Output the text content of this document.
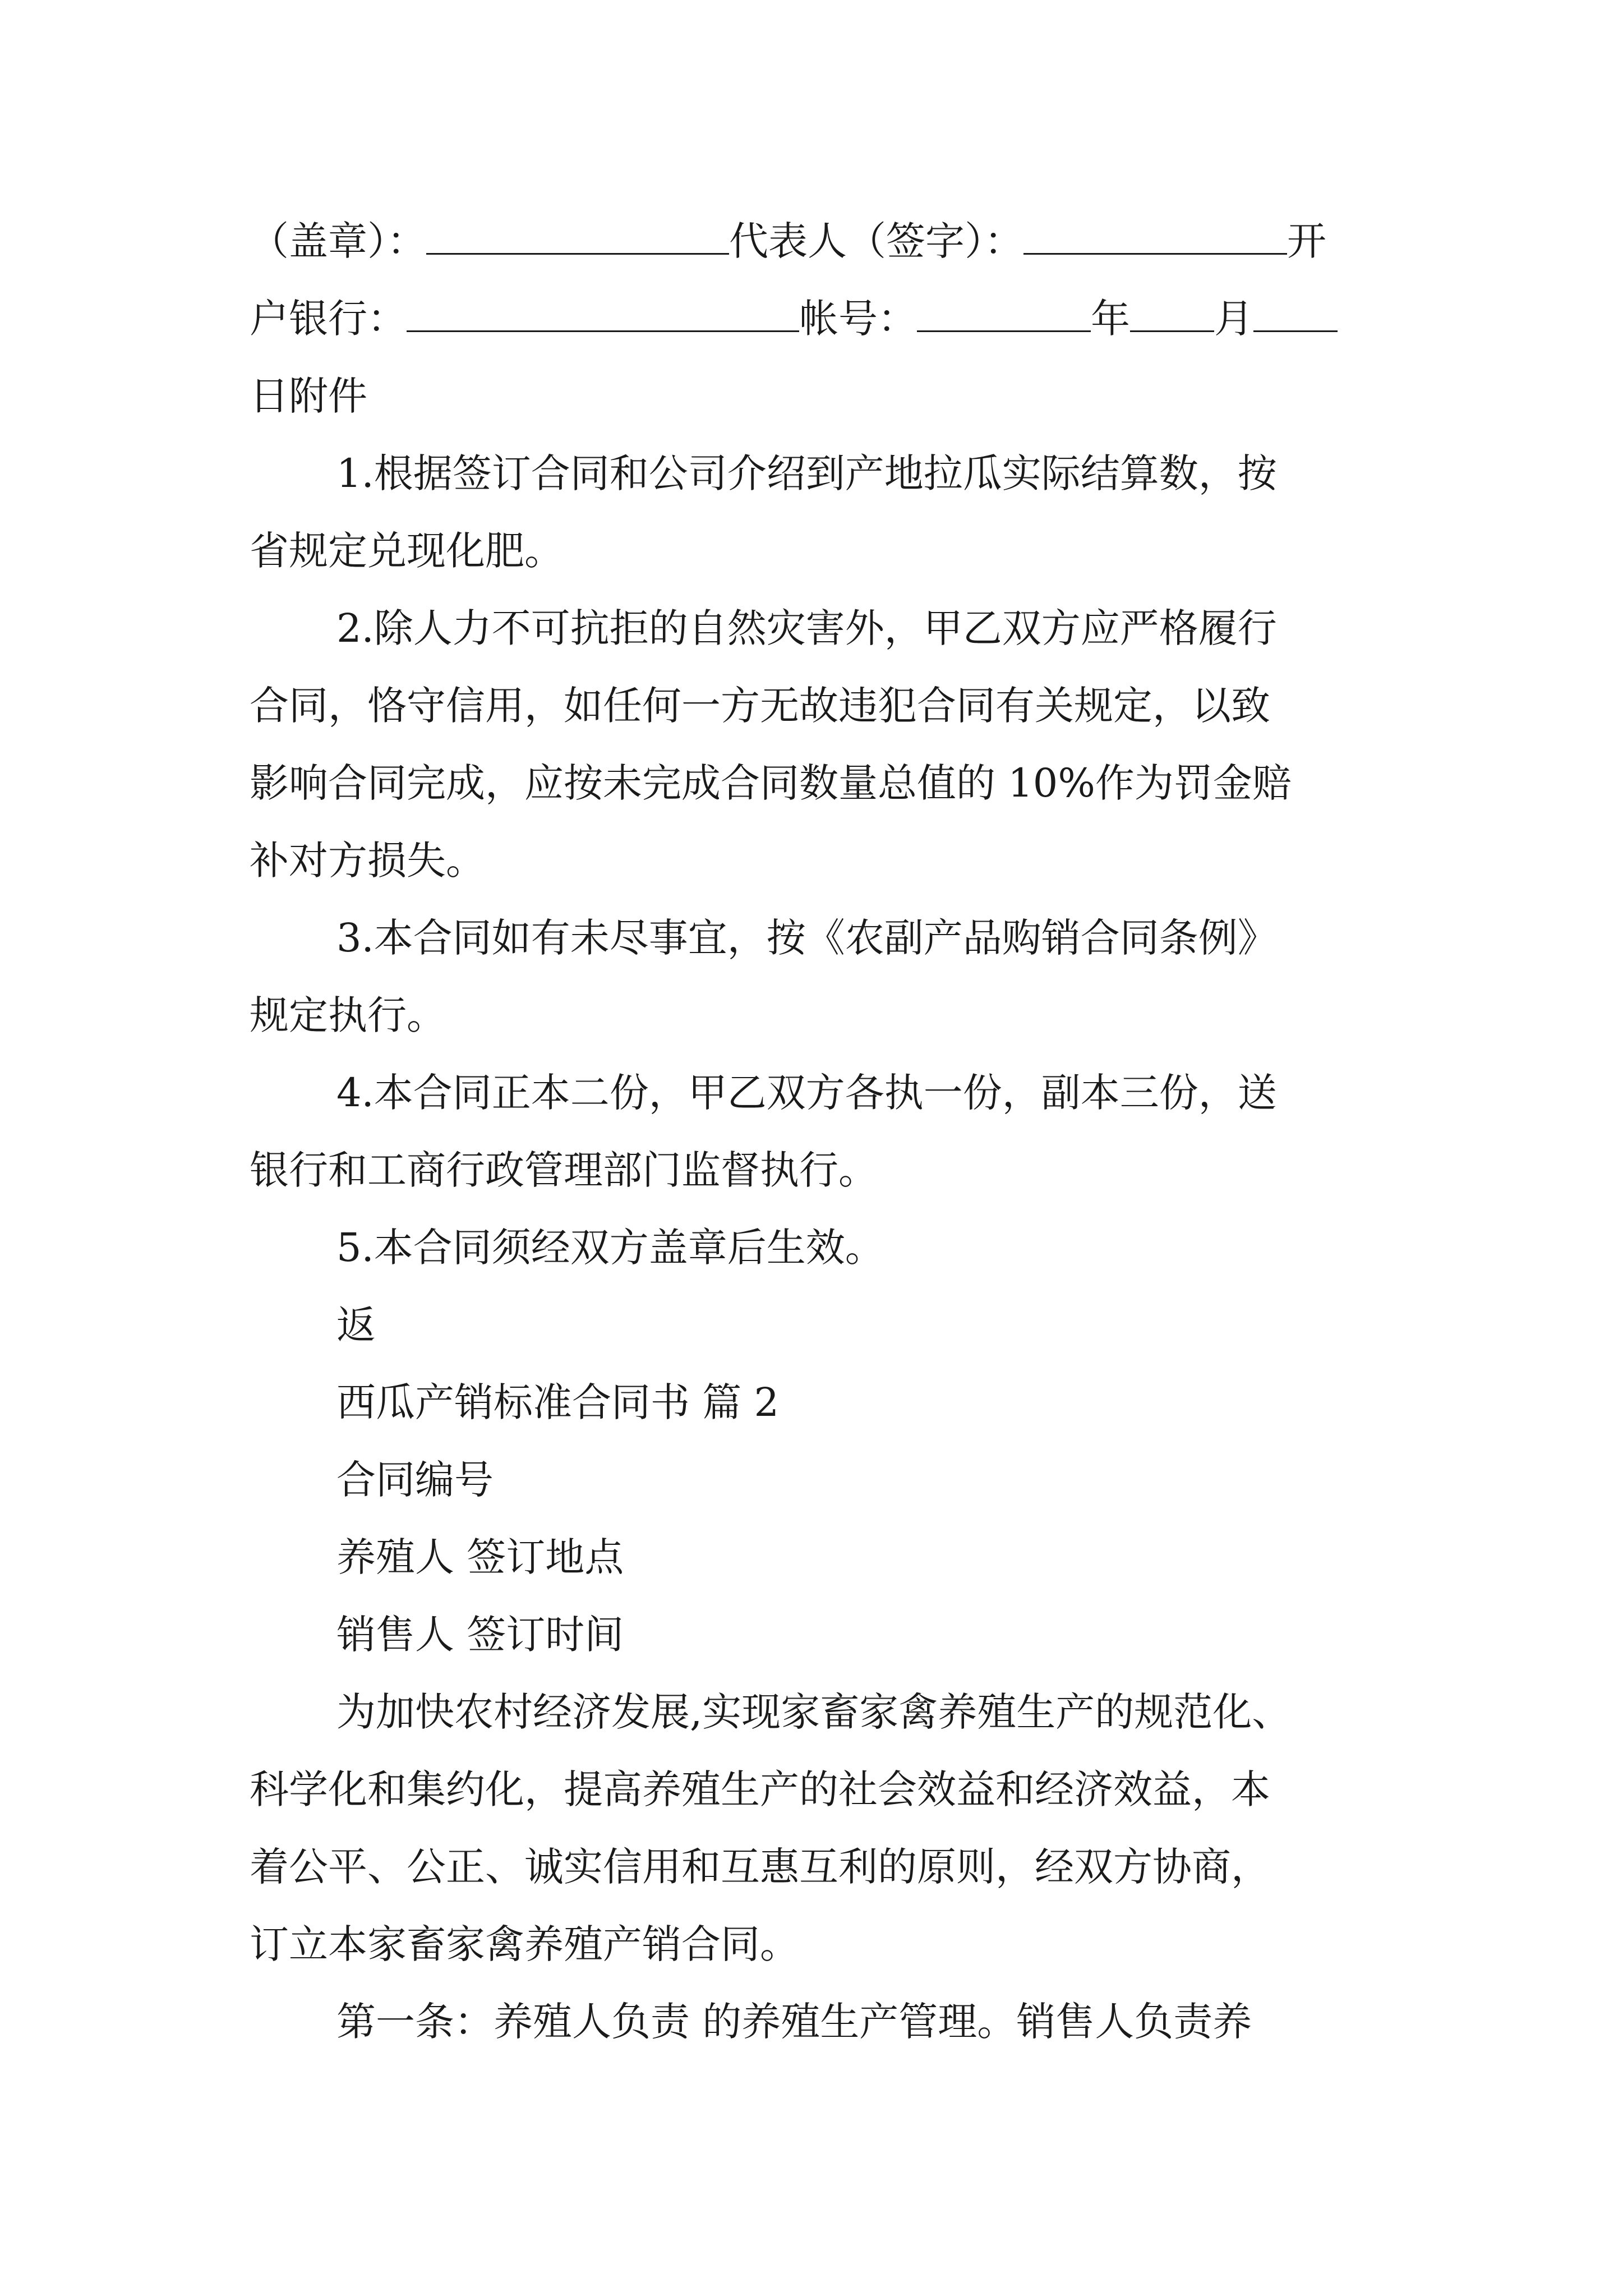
（盖章）：	代表人（签字）：	开
户银行：	帐号：	年 月
日附件
1.根据签订合同和公司介绍到产地拉瓜实际结算数，按
省规定兑现化肥。
2.除人力不可抗拒的自然灾害外，甲乙双方应严格履行
合同，恪守信用，如任何一方无故违犯合同有关规定，以致
影响合同完成，应按未完成合同数量总值的 10%作为罚金赔
补对方损失。
3.本合同如有未尽事宜，按《农副产品购销合同条例》
规定执行。
4.本合同正本二份，甲乙双方各执一份，副本三份，送
银行和工商行政管理部门监督执行。
5.本合同须经双方盖章后生效。
返
西瓜产销标准合同书 篇 2
合同编号
养殖人 签订地点
销售人 签订时间
为加快农村经济发展,实现家畜家禽养殖生产的规范化、
科学化和集约化，提高养殖生产的社会效益和经济效益，本
着公平、公正、诚实信用和互惠互利的原则，经双方协商，
订立本家畜家禽养殖产销合同。
第一条：养殖人负责 的养殖生产管理。销售人负责养
